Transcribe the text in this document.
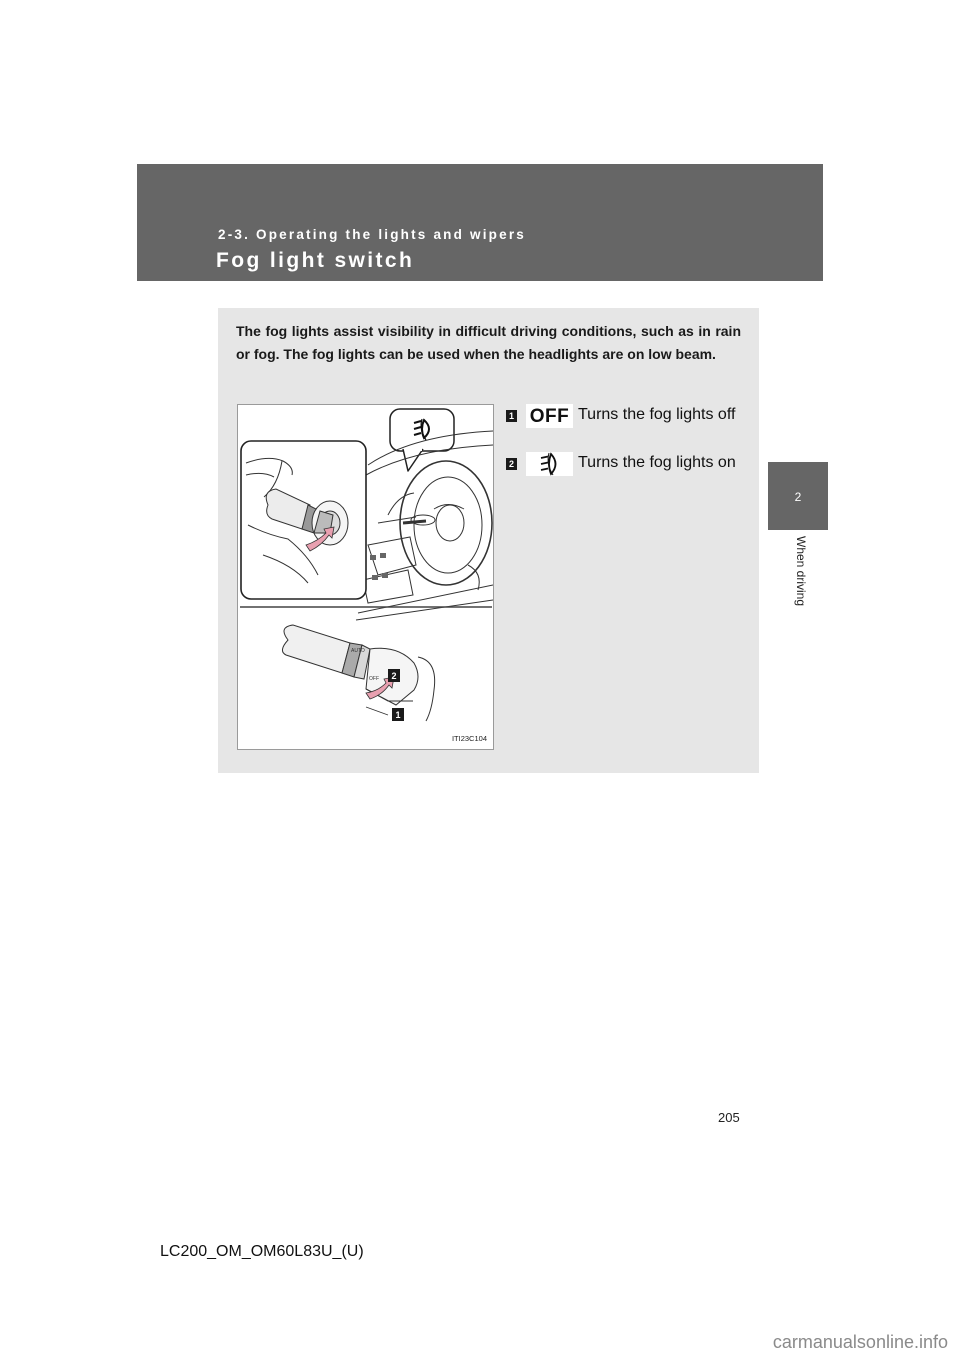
2-3. Operating the lights and wipers
Fog light switch
2
When driving
The fog lights assist visibility in difficult driving conditions, such as in rain or fog. The fog lights can be used when the headlights are on low beam.
AUTO
OFF 2
1
ITI23C104
1 OFF Turns the fog lights off
2	Turns the fog lights on
205
LC200_OM_OM60L83U_(U)
carmanualsonline.info
